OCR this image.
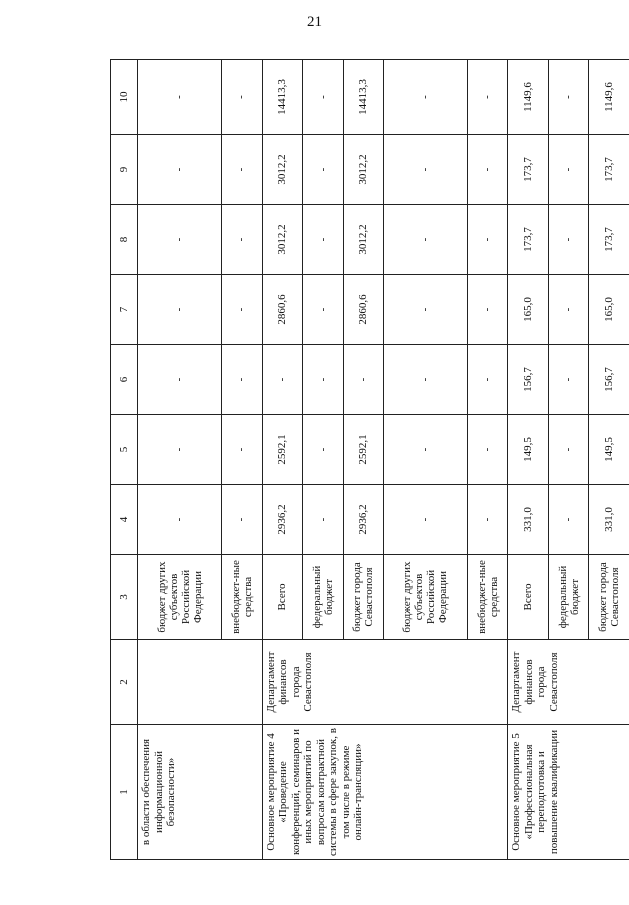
21
1	2	3	4	5	6	7	8	9	10
в области обеспечения информационной безопасности»		бюджет других субъектов Российской Федерации	-	-	-	-	-	-	-
		внебюджет-ные средства	-	-	-	-	-	-	-
Основное мероприятие 4 «Проведение конференций, семинаров и иных мероприятий по вопросам контрактной системы в сфере закупок, в том числе в режиме онлайн-трансляции»	Департамент финансов города Севастополя	Всего	2936,2	2592,1	-	2860,6	3012,2	3012,2	14413,3
		федеральный бюджет	-	-	-	-	-	-	-
		бюджет города Севастополя	2936,2	2592,1	-	2860,6	3012,2	3012,2	14413,3
		бюджет других субъектов Российской Федерации	-	-	-	-	-	-	-
		внебюджет-ные средства	-	-	-	-	-	-	-
Основное мероприятие 5 «Профессиональная переподготовка и повышение квалификации	Департамент финансов города Севастополя	Всего	331,0	149,5	156,7	165,0	173,7	173,7	1149,6
		федеральный бюджет	-	-	-	-	-	-	-
		бюджет города Севастополя	331,0	149,5	156,7	165,0	173,7	173,7	1149,6
